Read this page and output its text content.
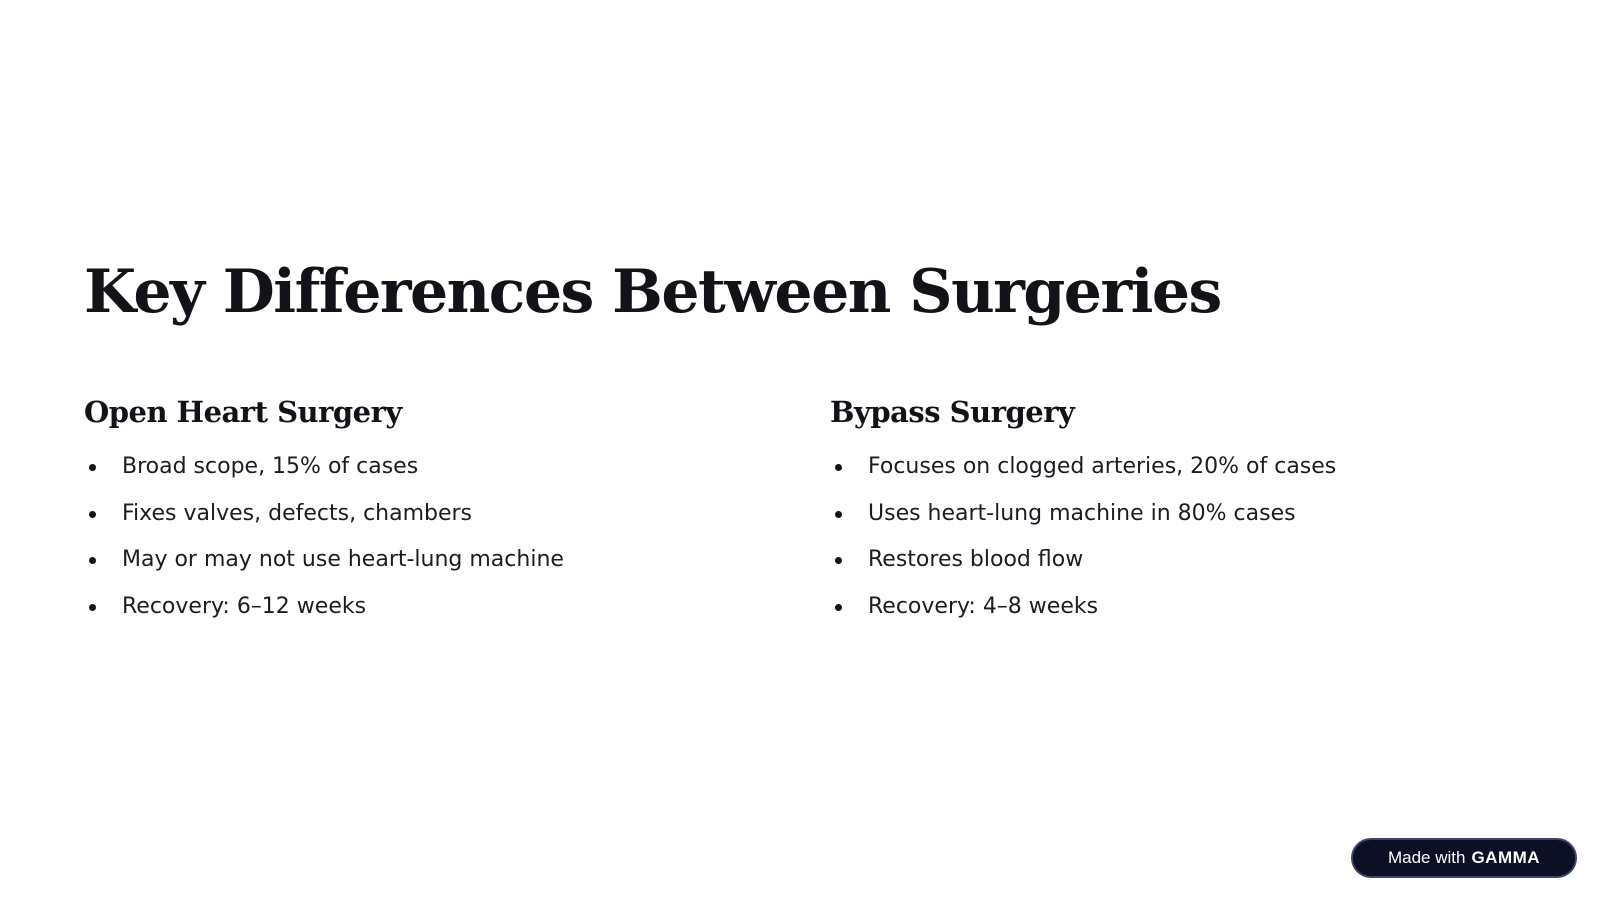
Key Differences Between Surgeries
Open Heart Surgery
Broad scope, 15% of cases
Fixes valves, defects, chambers
May or may not use heart-lung machine
Recovery: 6–12 weeks
Bypass Surgery
Focuses on clogged arteries, 20% of cases
Uses heart-lung machine in 80% cases
Restores blood flow
Recovery: 4–8 weeks
Made with GAMMA
